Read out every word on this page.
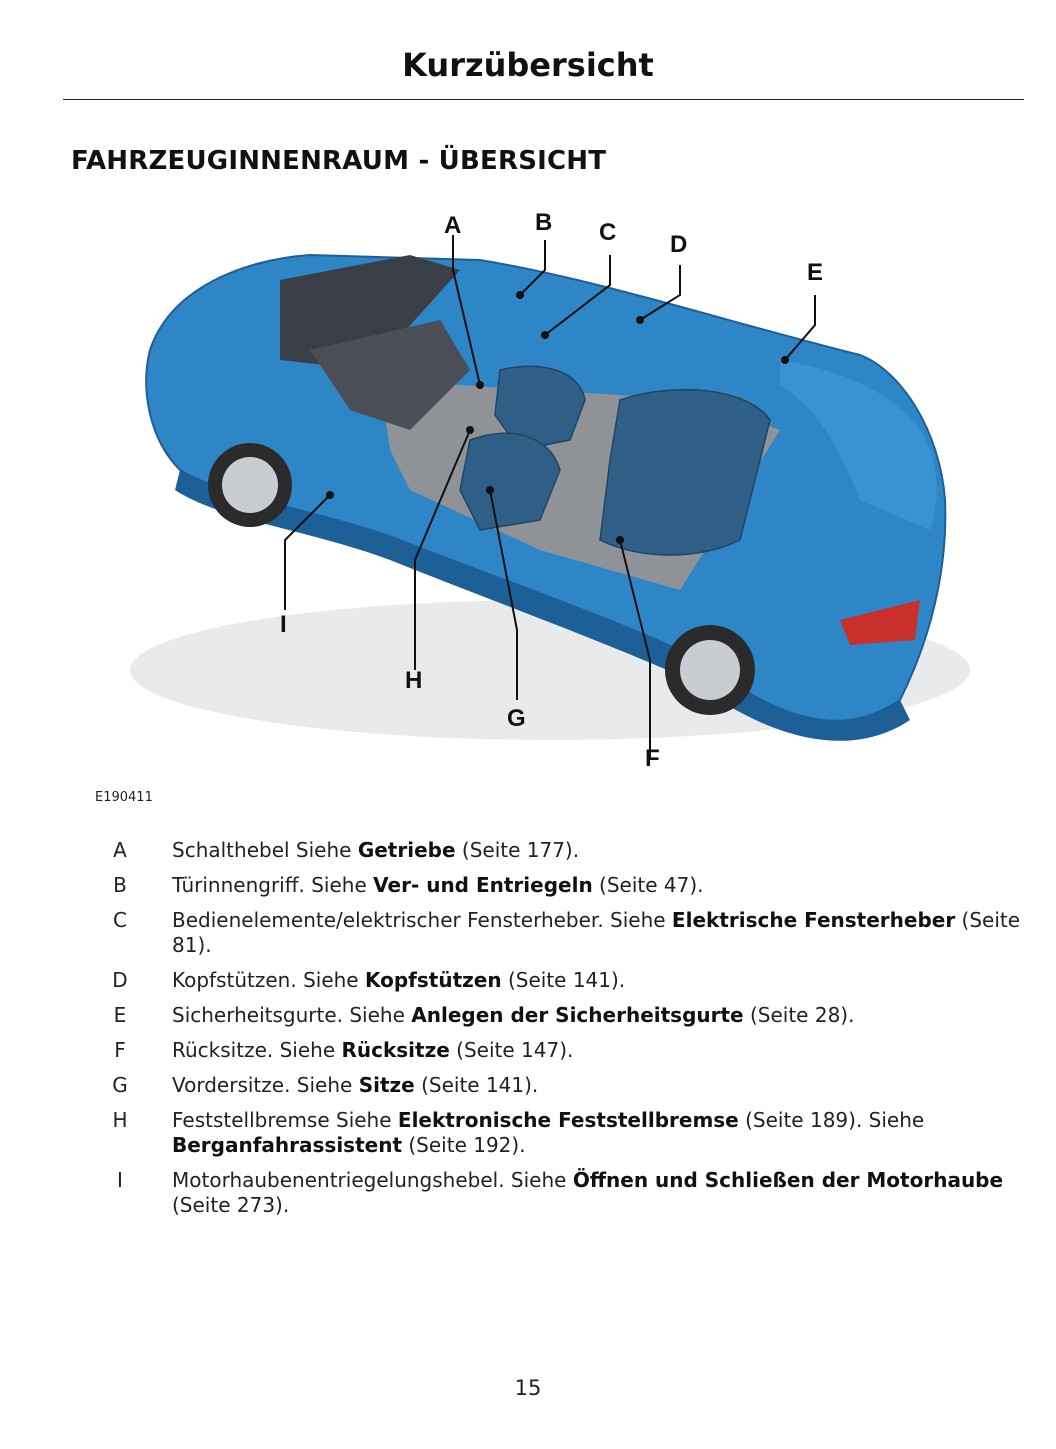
Kurzübersicht
FAHRZEUGINNENRAUM - ÜBERSICHT
A	B C D
E
F
G
H
I
E190411
A Schalthebel Siehe Getriebe (Seite 177).
B Türinnengriff. Siehe Ver- und Entriegeln (Seite 47).
C Bedienelemente/elektrischer Fensterheber. Siehe Elektrische Fensterheber (Seite 81).
D Kopfstützen. Siehe Kopfstützen (Seite 141).
E Sicherheitsgurte. Siehe Anlegen der Sicherheitsgurte (Seite 28).
F Rücksitze. Siehe Rücksitze (Seite 147).
G Vordersitze. Siehe Sitze (Seite 141).
H Feststellbremse Siehe Elektronische Feststellbremse (Seite 189). Siehe Berganfahrassistent (Seite 192).
I	Motorhaubenentriegelungshebel. Siehe Öffnen und Schließen der Motorhaube (Seite 273).
15
